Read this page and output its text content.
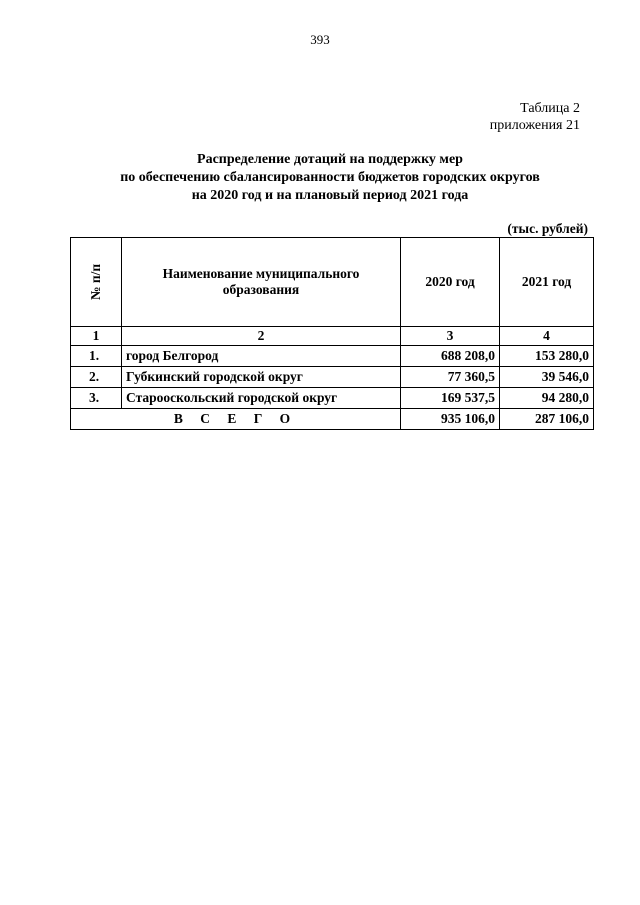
393
Таблица 2
приложения 21
Распределение дотаций на поддержку мер
по обеспечению сбалансированности бюджетов городских округов
на 2020 год и на плановый период 2021 года
(тыс. рублей)
№ п/п	Наименование муниципального образования	2020 год	2021 год
1	2	3	4
1.	город Белгород	688 208,0	153 280,0
2.	Губкинский городской округ	77 360,5	39 546,0
3.	Старооскольский городской округ	169 537,5	94 280,0
В С Е Г О		935 106,0	287 106,0
